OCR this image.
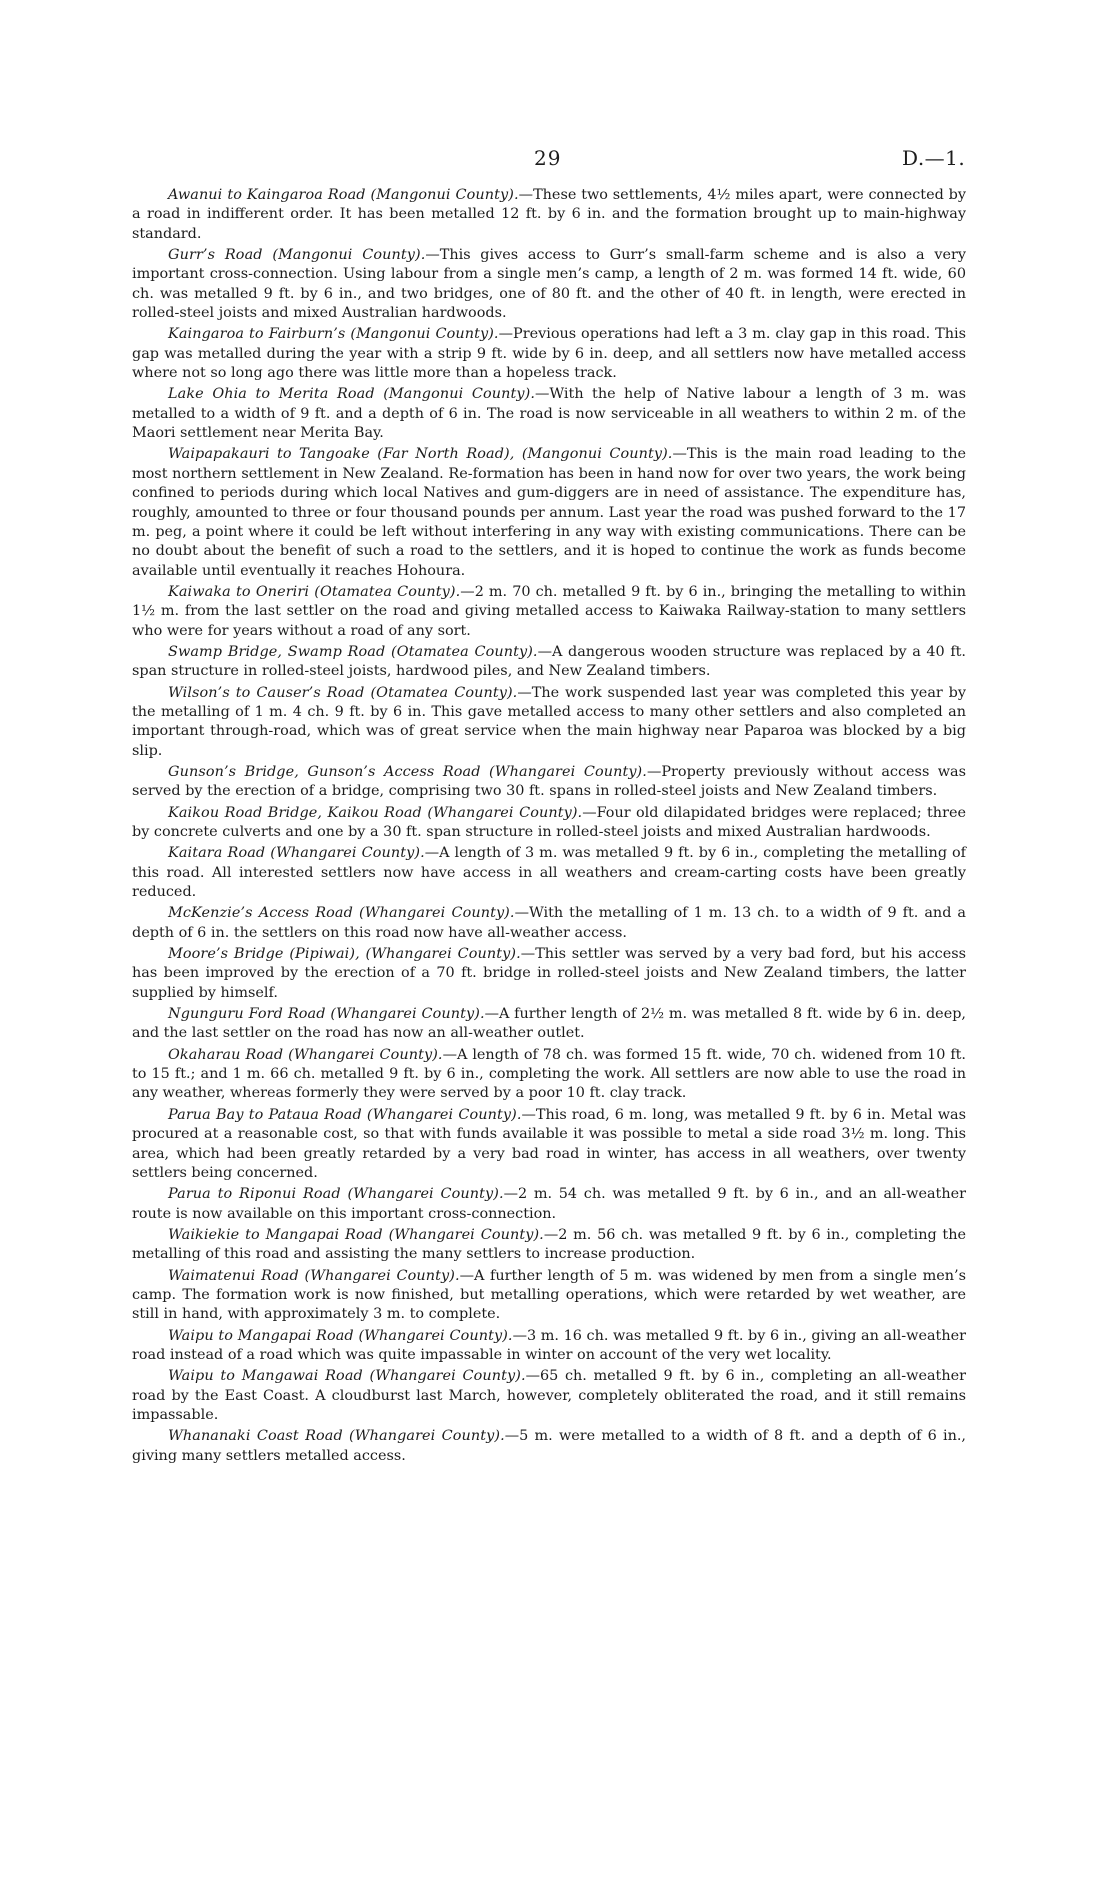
29	D.—1.

Awanui to Kaingaroa Road (Mangonui County).—These two settlements, 4½ miles apart, were connected by a road in indifferent order. It has been metalled 12 ft. by 6 in. and the formation brought up to main-highway standard.

Gurr’s Road (Mangonui County).—This gives access to Gurr’s small-farm scheme and is also a very important cross-connection. Using labour from a single men’s camp, a length of 2 m. was formed 14 ft. wide, 60 ch. was metalled 9 ft. by 6 in., and two bridges, one of 80 ft. and the other of 40 ft. in length, were erected in rolled-steel joists and mixed Australian hardwoods.

Kaingaroa to Fairburn’s (Mangonui County).—Previous operations had left a 3 m. clay gap in this road. This gap was metalled during the year with a strip 9 ft. wide by 6 in. deep, and all settlers now have metalled access where not so long ago there was little more than a hopeless track.

Lake Ohia to Merita Road (Mangonui County).—With the help of Native labour a length of 3 m. was metalled to a width of 9 ft. and a depth of 6 in. The road is now serviceable in all weathers to within 2 m. of the Maori settlement near Merita Bay.

Waipapakauri to Tangoake (Far North Road), (Mangonui County).—This is the main road leading to the most northern settlement in New Zealand. Re-formation has been in hand now for over two years, the work being confined to periods during which local Natives and gum-diggers are in need of assistance. The expenditure has, roughly, amounted to three or four thousand pounds per annum. Last year the road was pushed forward to the 17 m. peg, a point where it could be left without interfering in any way with existing communications. There can be no doubt about the benefit of such a road to the settlers, and it is hoped to continue the work as funds become available until eventually it reaches Hohoura.

Kaiwaka to Oneriri (Otamatea County).—2 m. 70 ch. metalled 9 ft. by 6 in., bringing the metalling to within 1½ m. from the last settler on the road and giving metalled access to Kaiwaka Railway-station to many settlers who were for years without a road of any sort.

Swamp Bridge, Swamp Road (Otamatea County).—A dangerous wooden structure was replaced by a 40 ft. span structure in rolled-steel joists, hardwood piles, and New Zealand timbers.

Wilson’s to Causer’s Road (Otamatea County).—The work suspended last year was completed this year by the metalling of 1 m. 4 ch. 9 ft. by 6 in. This gave metalled access to many other settlers and also completed an important through-road, which was of great service when the main highway near Paparoa was blocked by a big slip.

Gunson’s Bridge, Gunson’s Access Road (Whangarei County).—Property previously without access was served by the erection of a bridge, comprising two 30 ft. spans in rolled-steel joists and New Zealand timbers.

Kaikou Road Bridge, Kaikou Road (Whangarei County).—Four old dilapidated bridges were replaced; three by concrete culverts and one by a 30 ft. span structure in rolled-steel joists and mixed Australian hardwoods.

Kaitara Road (Whangarei County).—A length of 3 m. was metalled 9 ft. by 6 in., completing the metalling of this road. All interested settlers now have access in all weathers and cream-carting costs have been greatly reduced.

McKenzie’s Access Road (Whangarei County).—With the metalling of 1 m. 13 ch. to a width of 9 ft. and a depth of 6 in. the settlers on this road now have all-weather access.

Moore’s Bridge (Pipiwai), (Whangarei County).—This settler was served by a very bad ford, but his access has been improved by the erection of a 70 ft. bridge in rolled-steel joists and New Zealand timbers, the latter supplied by himself.

Ngunguru Ford Road (Whangarei County).—A further length of 2½ m. was metalled 8 ft. wide by 6 in. deep, and the last settler on the road has now an all-weather outlet.

Okaharau Road (Whangarei County).—A length of 78 ch. was formed 15 ft. wide, 70 ch. widened from 10 ft. to 15 ft.; and 1 m. 66 ch. metalled 9 ft. by 6 in., completing the work. All settlers are now able to use the road in any weather, whereas formerly they were served by a poor 10 ft. clay track.

Parua Bay to Pataua Road (Whangarei County).—This road, 6 m. long, was metalled 9 ft. by 6 in. Metal was procured at a reasonable cost, so that with funds available it was possible to metal a side road 3½ m. long. This area, which had been greatly retarded by a very bad road in winter, has access in all weathers, over twenty settlers being concerned.

Parua to Riponui Road (Whangarei County).—2 m. 54 ch. was metalled 9 ft. by 6 in., and an all-weather route is now available on this important cross-connection.

Waikiekie to Mangapai Road (Whangarei County).—2 m. 56 ch. was metalled 9 ft. by 6 in., completing the metalling of this road and assisting the many settlers to increase production.

Waimatenui Road (Whangarei County).—A further length of 5 m. was widened by men from a single men’s camp. The formation work is now finished, but metalling operations, which were retarded by wet weather, are still in hand, with approximately 3 m. to complete.

Waipu to Mangapai Road (Whangarei County).—3 m. 16 ch. was metalled 9 ft. by 6 in., giving an all-weather road instead of a road which was quite impassable in winter on account of the very wet locality.

Waipu to Mangawai Road (Whangarei County).—65 ch. metalled 9 ft. by 6 in., completing an all-weather road by the East Coast. A cloudburst last March, however, completely obliterated the road, and it still remains impassable.

Whananaki Coast Road (Whangarei County).—5 m. were metalled to a width of 8 ft. and a depth of 6 in., giving many settlers metalled access.
